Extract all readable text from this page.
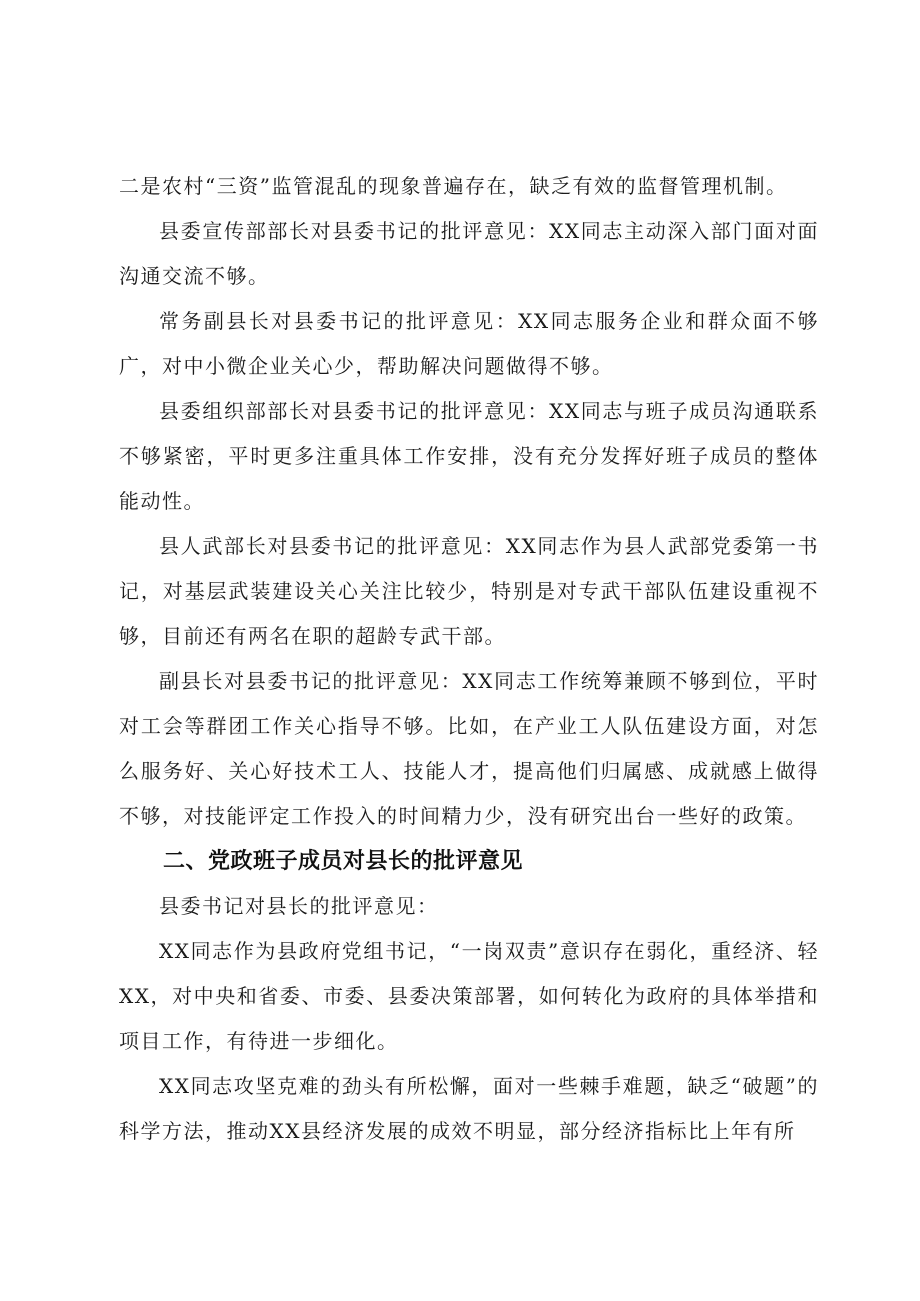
二是农村“三资”监管混乱的现象普遍存在，缺乏有效的监督管理机制。

县委宣传部部长对县委书记的批评意见：XX同志主动深入部门面对面沟通交流不够。

常务副县长对县委书记的批评意见：XX同志服务企业和群众面不够广，对中小微企业关心少，帮助解决问题做得不够。

县委组织部部长对县委书记的批评意见：XX同志与班子成员沟通联系不够紧密，平时更多注重具体工作安排，没有充分发挥好班子成员的整体能动性。

县人武部长对县委书记的批评意见：XX同志作为县人武部党委第一书记，对基层武装建设关心关注比较少，特别是对专武干部队伍建设重视不够，目前还有两名在职的超龄专武干部。

副县长对县委书记的批评意见：XX同志工作统筹兼顾不够到位，平时对工会等群团工作关心指导不够。比如，在产业工人队伍建设方面，对怎么服务好、关心好技术工人、技能人才，提高他们归属感、成就感上做得不够，对技能评定工作投入的时间精力少，没有研究出台一些好的政策。

二、党政班子成员对县长的批评意见

县委书记对县长的批评意见：

XX同志作为县政府党组书记，“一岗双责”意识存在弱化，重经济、轻XX，对中央和省委、市委、县委决策部署，如何转化为政府的具体举措和项目工作，有待进一步细化。

XX同志攻坚克难的劲头有所松懈，面对一些棘手难题，缺乏“破题”的科学方法，推动XX县经济发展的成效不明显，部分经济指标比上年有所
